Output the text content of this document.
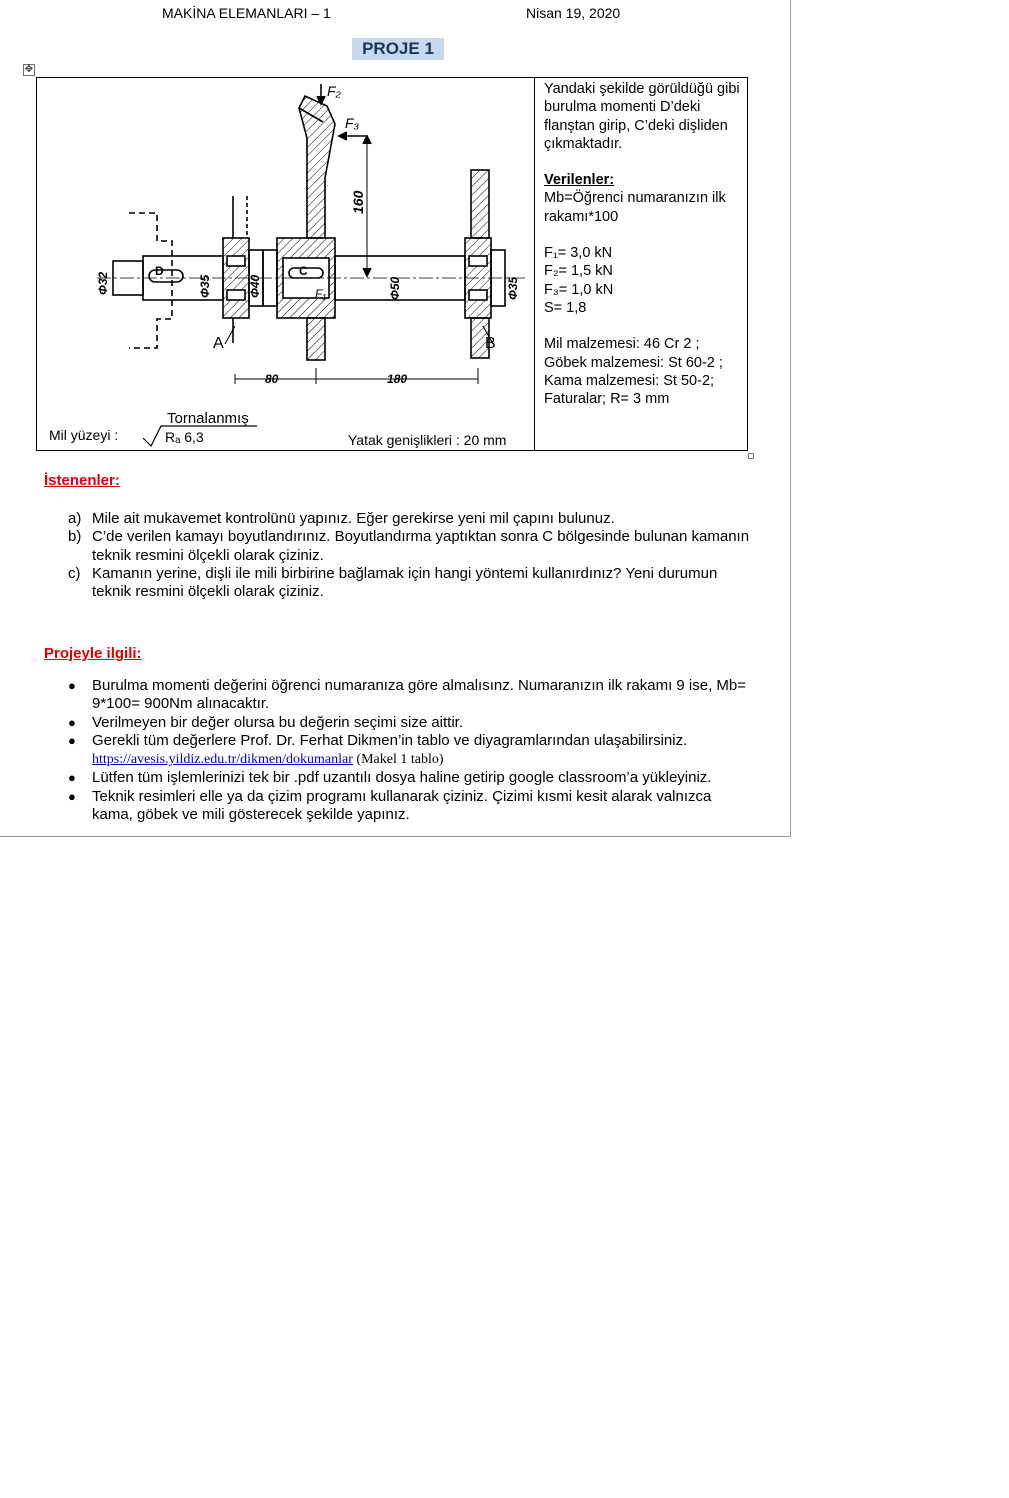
MAKİNA ELEMANLARI – 1	Nisan 19, 2020
PROJE 1
✥
F₂
F₃
F₁
D	C
A	B
80	180
Tornalanmış
Mil yüzeyi :	Rₐ 6,3	Yatak genişlikleri : 20 mm
Φ32	Φ35	Φ40	Φ50	Φ35
160

Yandaki şekilde görüldüğü gibi burulma momenti D’deki flanştan girip, C’deki dişliden çıkmaktadır.

Verilenler:

Mb=Öğrenci numaranızın ilk rakamı*100

F₁= 3,0 kN

F₂= 1,5 kN

F₃= 1,0 kN

S= 1,8

Mil malzemesi: 46 Cr 2 ;

Göbek malzemesi: St 60-2 ;

Kama malzemesi: St 50-2;

Faturalar; R= 3 mm

İstenenler:
a) Mile ait mukavemet kontrolünü yapınız. Eğer gerekirse yeni mil çapını bulunuz.
b) C’de verilen kamayı boyutlandırınız. Boyutlandırma yaptıktan sonra C bölgesinde bulunan kamanın teknik resmini ölçekli olarak çiziniz.
c) Kamanın yerine, dişli ile mili birbirine bağlamak için hangi yöntemi kullanırdınız? Yeni durumun teknik resmini ölçekli olarak çiziniz.
Projeyle ilgili:
● Burulma momenti değerini öğrenci numaranıza göre almalısınz. Numaranızın ilk rakamı 9 ise, Mb= 9*100= 900Nm alınacaktır.
● Verilmeyen bir değer olursa bu değerin seçimi size aittir.
● Gerekli tüm değerlere Prof. Dr. Ferhat Dikmen’in tablo ve diyagramlarından ulaşabilirsiniz.
https://avesis.yildiz.edu.tr/dikmen/dokumanlar (Makel 1 tablo)
● Lütfen tüm işlemlerinizi tek bir .pdf uzantılı dosya haline getirip google classroom’a yükleyiniz.
● Teknik resimleri elle ya da çizim programı kullanarak çiziniz. Çizimi kısmi kesit alarak valnızca kama, göbek ve mili gösterecek şekilde yapınız.
